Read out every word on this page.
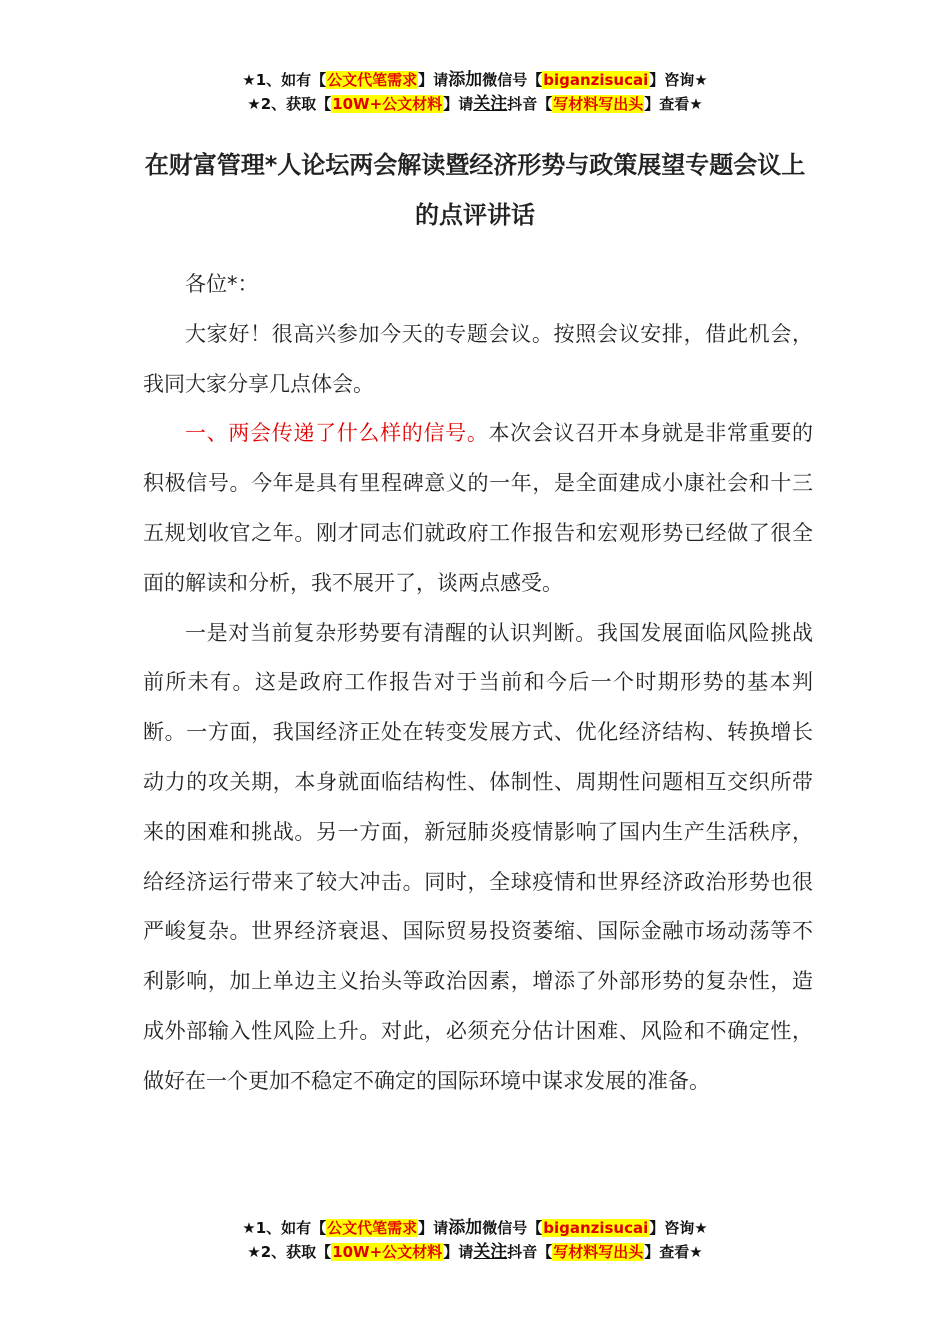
★1、如有【公文代笔需求】请添加微信号【biganzisucai】咨询★
★2、获取【10W+公文材料】请关注抖音【写材料写出头】查看★
在财富管理*人论坛两会解读暨经济形势与政策展望专题会议上的点评讲话

各位*：

大家好！很高兴参加今天的专题会议。按照会议安排，借此机会，我同大家分享几点体会。

一、两会传递了什么样的信号。本次会议召开本身就是非常重要的积极信号。今年是具有里程碑意义的一年，是全面建成小康社会和十三五规划收官之年。刚才同志们就政府工作报告和宏观形势已经做了很全面的解读和分析，我不展开了，谈两点感受。

一是对当前复杂形势要有清醒的认识判断。我国发展面临风险挑战前所未有。这是政府工作报告对于当前和今后一个时期形势的基本判断。一方面，我国经济正处在转变发展方式、优化经济结构、转换增长动力的攻关期，本身就面临结构性、体制性、周期性问题相互交织所带来的困难和挑战。另一方面，新冠肺炎疫情影响了国内生产生活秩序，给经济运行带来了较大冲击。同时，全球疫情和世界经济政治形势也很严峻复杂。世界经济衰退、国际贸易投资萎缩、国际金融市场动荡等不利影响，加上单边主义抬头等政治因素，增添了外部形势的复杂性，造成外部输入性风险上升。对此，必须充分估计困难、风险和不确定性，做好在一个更加不稳定不确定的国际环境中谋求发展的准备。

★1、如有【公文代笔需求】请添加微信号【biganzisucai】咨询★
★2、获取【10W+公文材料】请关注抖音【写材料写出头】查看★
